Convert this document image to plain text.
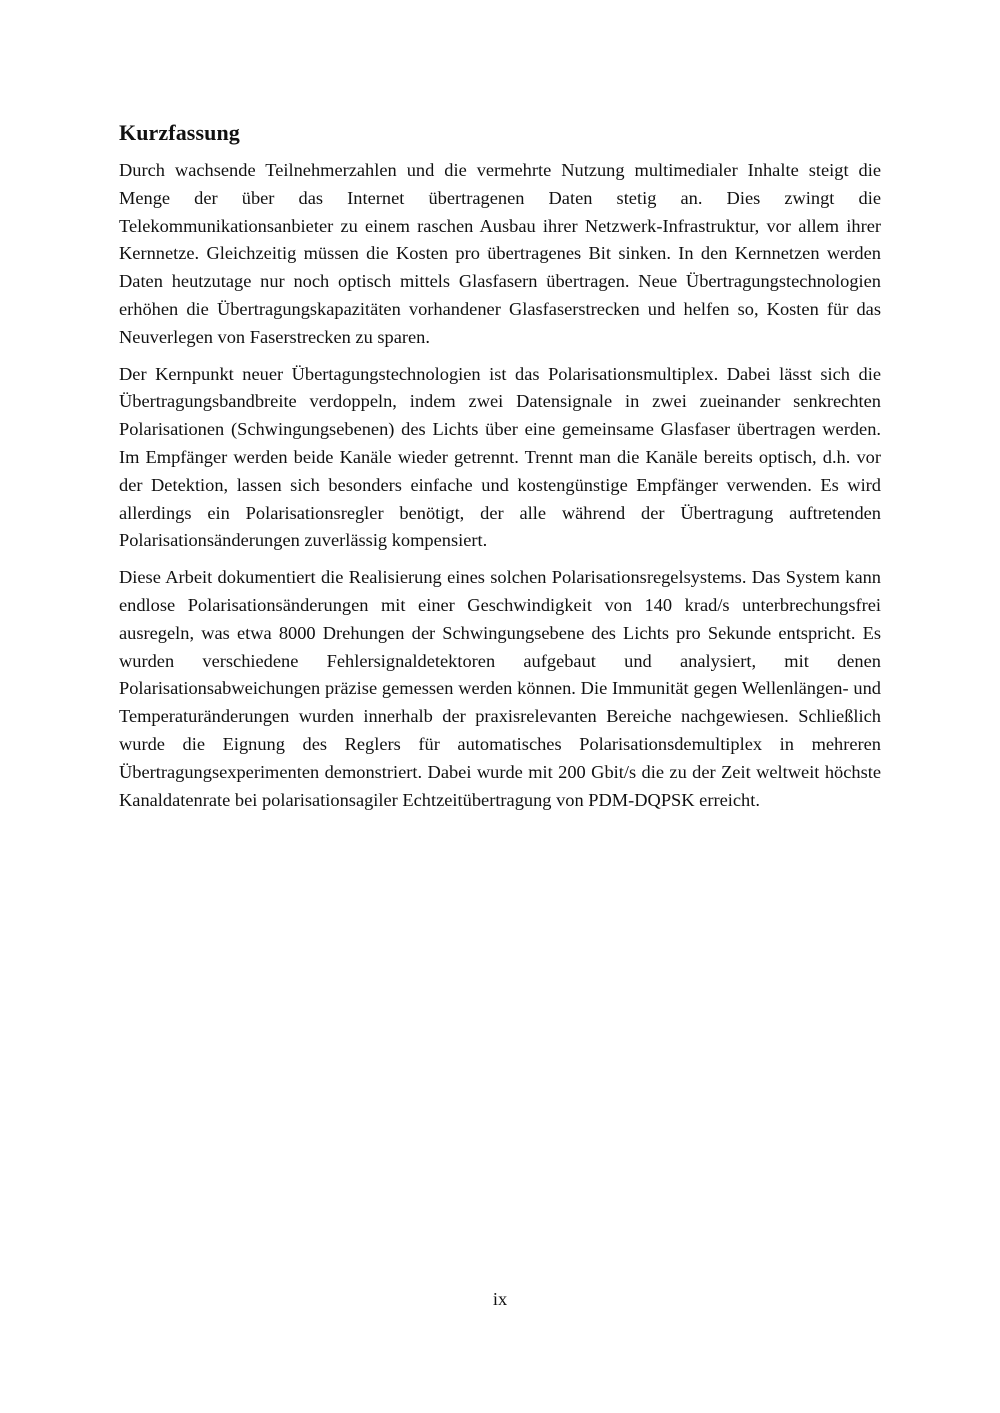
Kurzfassung

Durch wachsende Teilnehmerzahlen und die vermehrte Nutzung multimedialer Inhalte steigt die Menge der über das Internet übertragenen Daten stetig an. Dies zwingt die Telekommunikationsanbieter zu einem raschen Ausbau ihrer Netzwerk-Infrastruktur, vor allem ihrer Kernnetze. Gleichzeitig müssen die Kosten pro übertragenes Bit sinken. In den Kernnetzen werden Daten heutzutage nur noch optisch mittels Glasfasern übertragen. Neue Übertragungstechnologien erhöhen die Übertragungskapazitäten vorhandener Glasfaserstrecken und helfen so, Kosten für das Neuverlegen von Faserstrecken zu sparen.

Der Kernpunkt neuer Übertagungstechnologien ist das Polarisationsmultiplex. Dabei lässt sich die Übertragungsbandbreite verdoppeln, indem zwei Datensignale in zwei zueinander senkrechten Polarisationen (Schwingungsebenen) des Lichts über eine gemeinsame Glasfaser übertragen werden. Im Empfänger werden beide Kanäle wieder getrennt. Trennt man die Kanäle bereits optisch, d.h. vor der Detektion, lassen sich besonders einfache und kostengünstige Empfänger verwenden. Es wird allerdings ein Polarisationsregler benötigt, der alle während der Übertragung auftretenden Polarisationsänderungen zuverlässig kompensiert.

Diese Arbeit dokumentiert die Realisierung eines solchen Polarisationsregelsystems. Das System kann endlose Polarisationsänderungen mit einer Geschwindigkeit von 140 krad/s unterbrechungsfrei ausregeln, was etwa 8000 Drehungen der Schwingungsebene des Lichts pro Sekunde entspricht. Es wurden verschiedene Fehlersignaldetektoren aufgebaut und analysiert, mit denen Polarisationsabweichungen präzise gemessen werden können. Die Immunität gegen Wellenlängen- und Temperaturänderungen wurden innerhalb der praxisrelevanten Bereiche nachgewiesen. Schließlich wurde die Eignung des Reglers für automatisches Polarisationsdemultiplex in mehreren Übertragungsexperimenten demonstriert. Dabei wurde mit 200 Gbit/s die zu der Zeit weltweit höchste Kanaldatenrate bei polarisationsagiler Echtzeitübertragung von PDM-DQPSK erreicht.

ix
